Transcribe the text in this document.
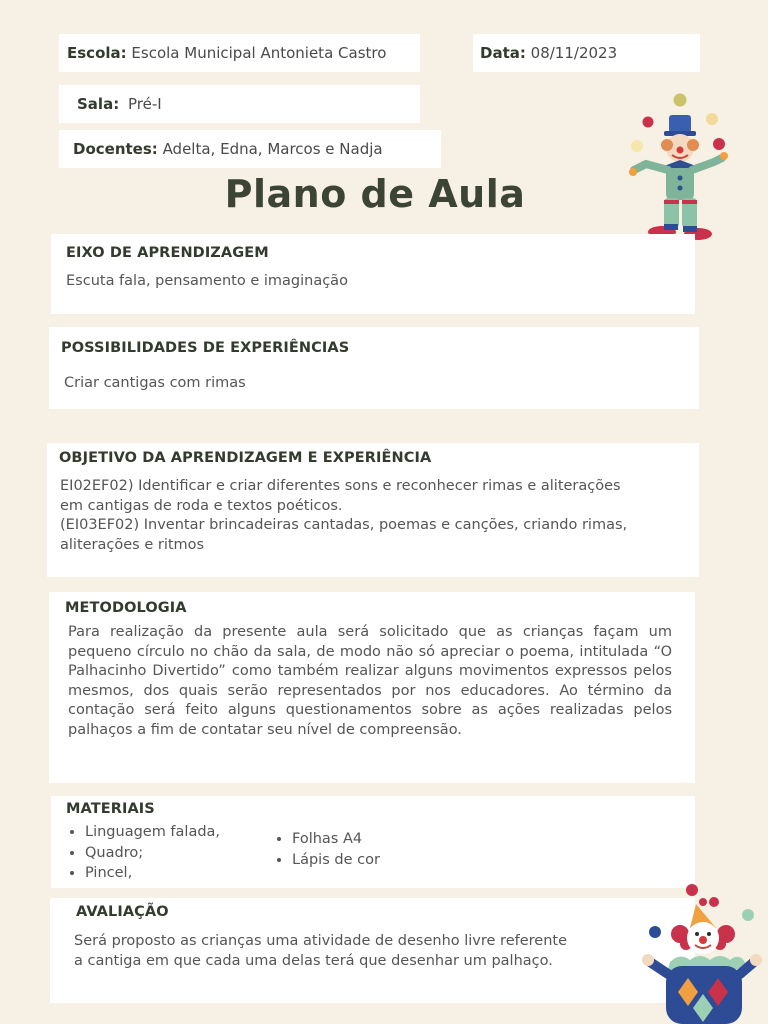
Escola: Escola Municipal Antonieta Castro	Data: 08/11/2023
Sala: Pré-I
Docentes: Adelta, Edna, Marcos e Nadja
Plano de Aula
EIXO DE APRENDIZAGEM
Escuta fala, pensamento e imaginação
POSSIBILIDADES DE EXPERIÊNCIAS
Criar cantigas com rimas
OBJETIVO DA APRENDIZAGEM E EXPERIÊNCIA
EI02EF02) Identificar e criar diferentes sons e reconhecer rimas e aliterações
em cantigas de roda e textos poéticos.
(EI03EF02) Inventar brincadeiras cantadas, poemas e canções, criando rimas,
aliterações e ritmos
METODOLOGIA
Para realização da presente aula será solicitado que as crianças façam um pequeno círculo no chão da sala, de modo não só apreciar o poema, intitulada “O Palhacinho Divertido” como também realizar alguns movimentos expressos pelos mesmos, dos quais serão representados por nos educadores. Ao término da contação será feito alguns questionamentos sobre as ações realizadas pelos palhaços a fim de contatar seu nível de compreensão.
MATERIAIS
• Linguagem falada,
• Quadro;
• Pincel,
• Folhas A4
• Lápis de cor
AVALIAÇÃO
Será proposto as crianças uma atividade de desenho livre referente
a cantiga em que cada uma delas terá que desenhar um palhaço.
